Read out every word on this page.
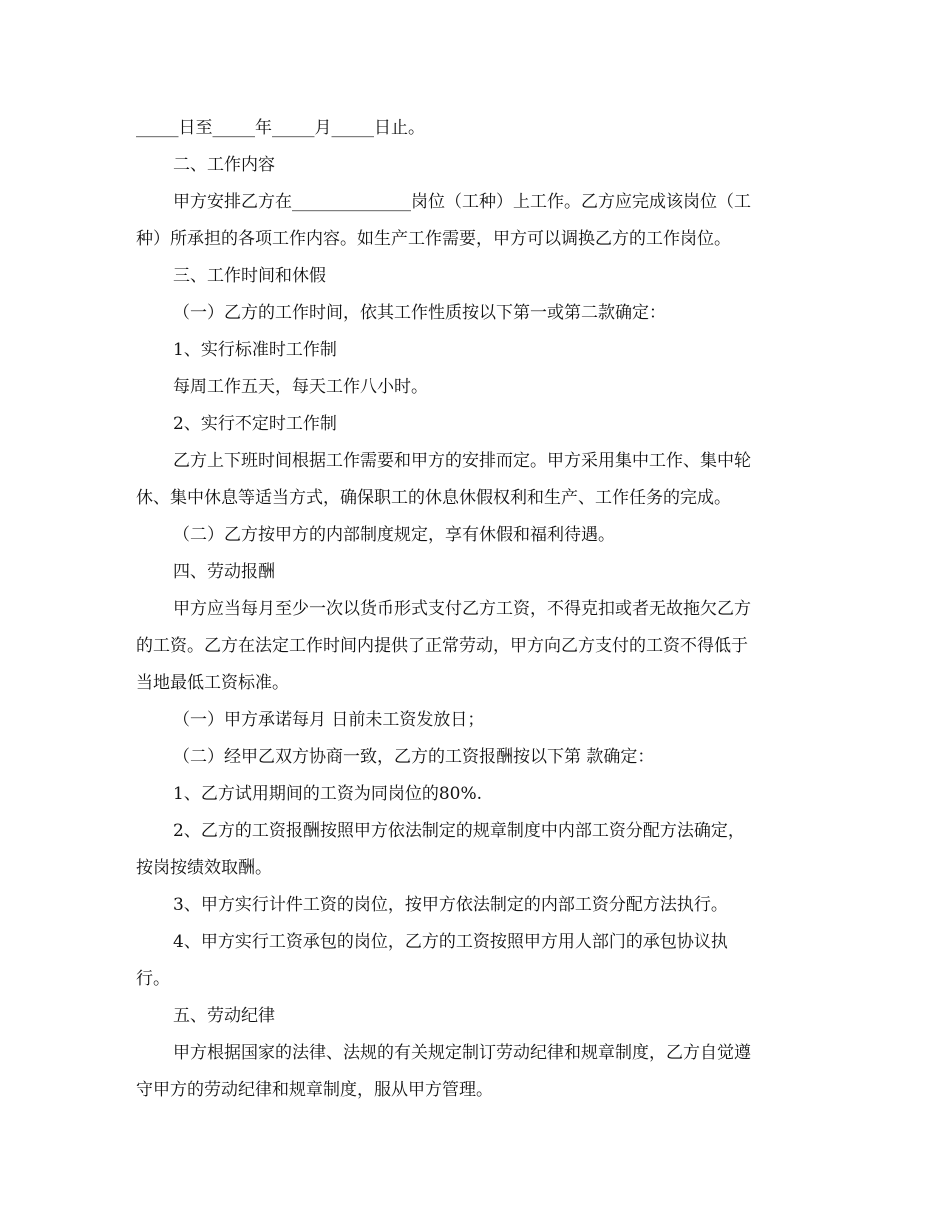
_____日至_____年_____月_____日止。
二、工作内容
甲方安排乙方在______________岗位（工种）上工作。乙方应完成该岗位（工
种）所承担的各项工作内容。如生产工作需要，甲方可以调换乙方的工作岗位。
三、工作时间和休假
（一）乙方的工作时间，依其工作性质按以下第一或第二款确定：
1、实行标准时工作制
每周工作五天，每天工作八小时。
2、实行不定时工作制
乙方上下班时间根据工作需要和甲方的安排而定。甲方采用集中工作、集中轮
休、集中休息等适当方式，确保职工的休息休假权利和生产、工作任务的完成。
（二）乙方按甲方的内部制度规定，享有休假和福利待遇。
四、劳动报酬
甲方应当每月至少一次以货币形式支付乙方工资，不得克扣或者无故拖欠乙方
的工资。乙方在法定工作时间内提供了正常劳动，甲方向乙方支付的工资不得低于
当地最低工资标准。
（一）甲方承诺每月 日前未工资发放日；
（二）经甲乙双方协商一致，乙方的工资报酬按以下第 款确定：
1、乙方试用期间的工资为同岗位的80%.
2、乙方的工资报酬按照甲方依法制定的规章制度中内部工资分配方法确定，
按岗按绩效取酬。
3、甲方实行计件工资的岗位，按甲方依法制定的内部工资分配方法执行。
4、甲方实行工资承包的岗位，乙方的工资按照甲方用人部门的承包协议执
行。
五、劳动纪律
甲方根据国家的法律、法规的有关规定制订劳动纪律和规章制度，乙方自觉遵
守甲方的劳动纪律和规章制度，服从甲方管理。
